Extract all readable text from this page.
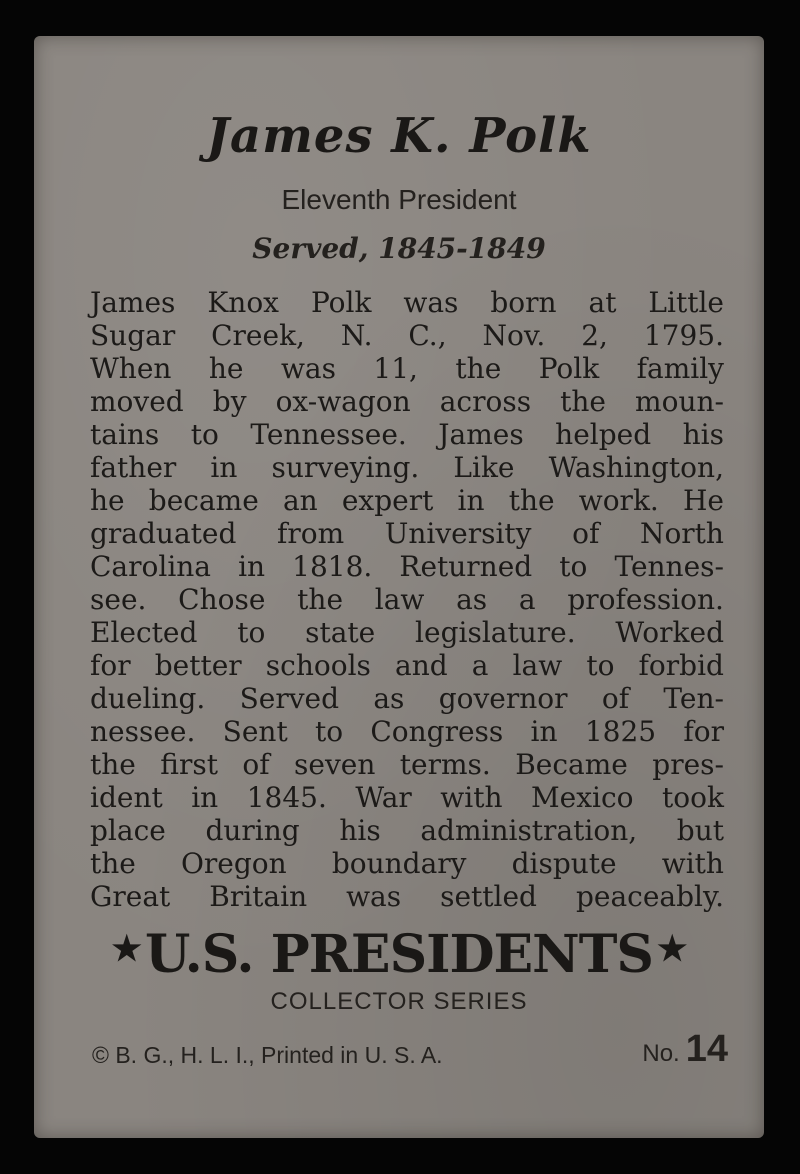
James K. Polk
Eleventh President
Served, 1845-1849
James Knox Polk was born at Little
Sugar Creek, N. C., Nov. 2, 1795.
When he was 11, the Polk family
moved by ox-wagon across the moun-
tains to Tennessee. James helped his
father in surveying. Like Washington,
he became an expert in the work. He
graduated from University of North
Carolina in 1818. Returned to Tennes-
see. Chose the law as a profession.
Elected to state legislature. Worked
for better schools and a law to forbid
dueling. Served as governor of Ten-
nessee. Sent to Congress in 1825 for
the first of seven terms. Became pres-
ident in 1845. War with Mexico took
place during his administration, but
the Oregon boundary dispute with
Great Britain was settled peaceably.
★U.S. PRESIDENTS ★
COLLECTOR SERIES
© B. G., H. L. I., Printed in U. S. A.	No. 14
